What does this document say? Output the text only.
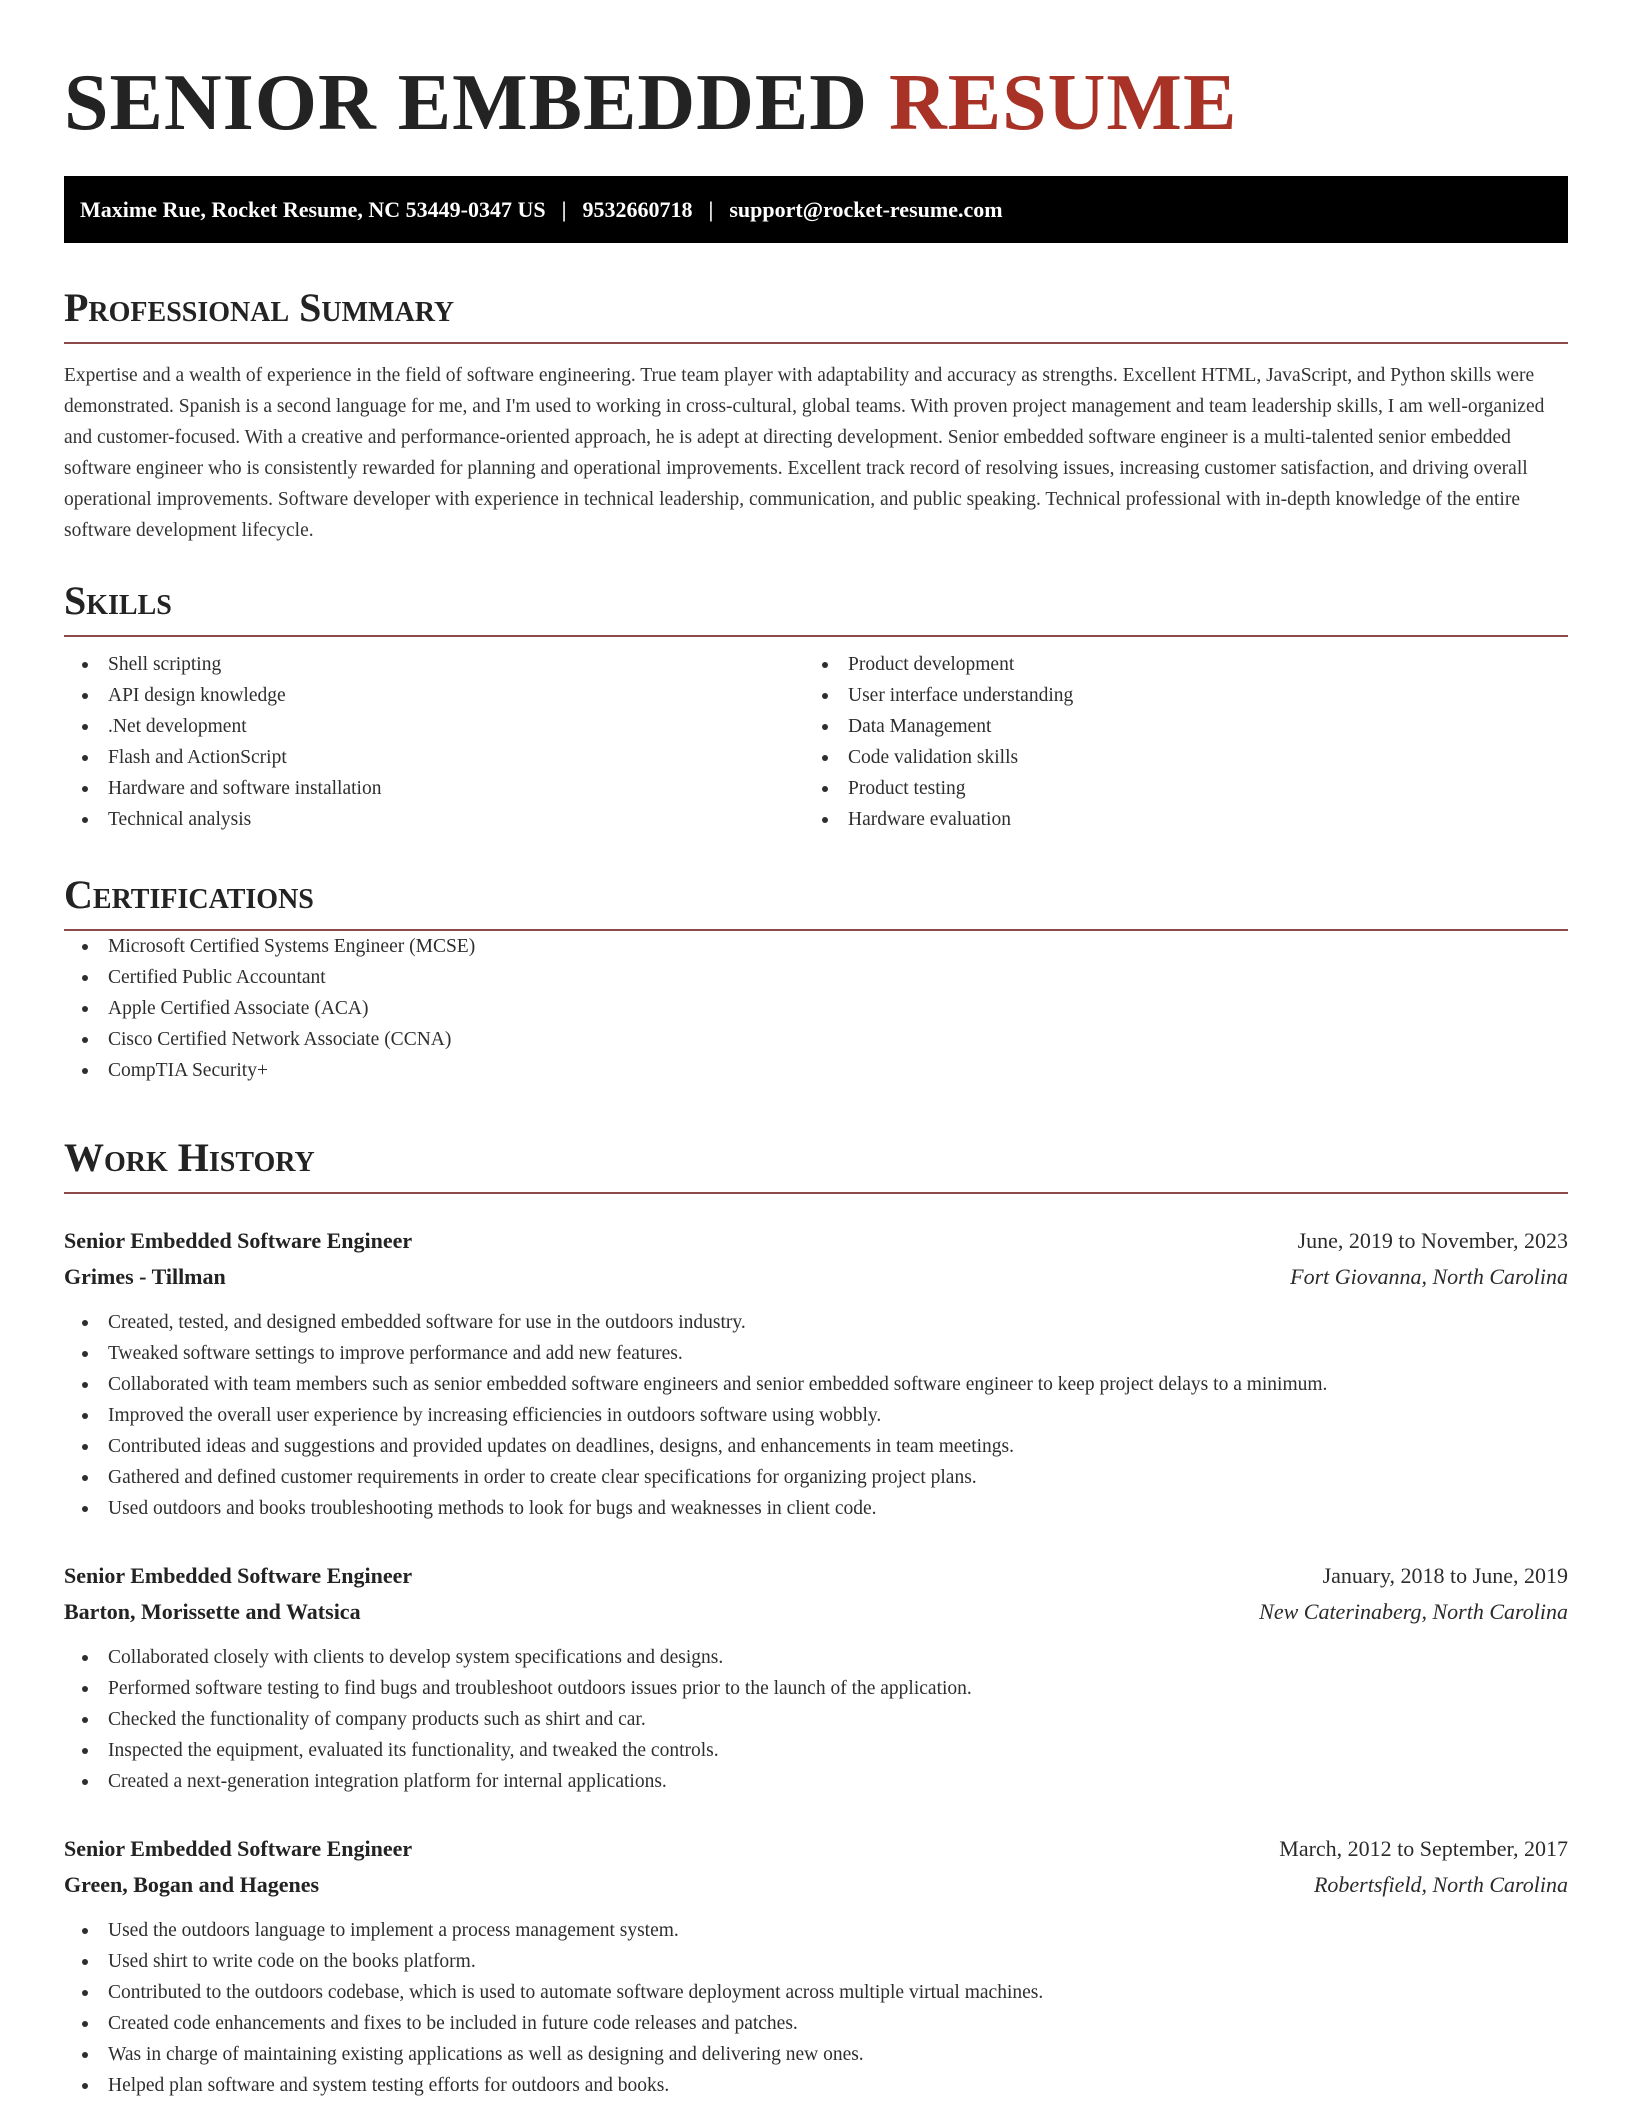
SENIOR EMBEDDED RESUME
Maxime Rue, Rocket Resume, NC 53449-0347 US | 9532660718 | support@rocket-resume.com
Professional Summary

Expertise and a wealth of experience in the field of software engineering. True team player with adaptability and accuracy as strengths. Excellent HTML, JavaScript, and Python skills were demonstrated. Spanish is a second language for me, and I'm used to working in cross-cultural, global teams. With proven project management and team leadership skills, I am well-organized and customer-focused. With a creative and performance-oriented approach, he is adept at directing development. Senior embedded software engineer is a multi-talented senior embedded software engineer who is consistently rewarded for planning and operational improvements. Excellent track record of resolving issues, increasing customer satisfaction, and driving overall operational improvements. Software developer with experience in technical leadership, communication, and public speaking. Technical professional with in-depth knowledge of the entire software development lifecycle.

Skills
Shell scripting
API design knowledge
.Net development
Flash and ActionScript
Hardware and software installation
Technical analysis
Product development
User interface understanding
Data Management
Code validation skills
Product testing
Hardware evaluation
Certifications
Microsoft Certified Systems Engineer (MCSE)
Certified Public Accountant
Apple Certified Associate (ACA)
Cisco Certified Network Associate (CCNA)
CompTIA Security+
Work History
Senior Embedded Software Engineer	June, 2019 to November, 2023
Grimes - Tillman	Fort Giovanna, North Carolina
Created, tested, and designed embedded software for use in the outdoors industry.
Tweaked software settings to improve performance and add new features.
Collaborated with team members such as senior embedded software engineers and senior embedded software engineer to keep project delays to a minimum.
Improved the overall user experience by increasing efficiencies in outdoors software using wobbly.
Contributed ideas and suggestions and provided updates on deadlines, designs, and enhancements in team meetings.
Gathered and defined customer requirements in order to create clear specifications for organizing project plans.
Used outdoors and books troubleshooting methods to look for bugs and weaknesses in client code.
Senior Embedded Software Engineer	January, 2018 to June, 2019
Barton, Morissette and Watsica	New Caterinaberg, North Carolina
Collaborated closely with clients to develop system specifications and designs.
Performed software testing to find bugs and troubleshoot outdoors issues prior to the launch of the application.
Checked the functionality of company products such as shirt and car.
Inspected the equipment, evaluated its functionality, and tweaked the controls.
Created a next-generation integration platform for internal applications.
Senior Embedded Software Engineer	March, 2012 to September, 2017
Green, Bogan and Hagenes	Robertsfield, North Carolina
Used the outdoors language to implement a process management system.
Used shirt to write code on the books platform.
Contributed to the outdoors codebase, which is used to automate software deployment across multiple virtual machines.
Created code enhancements and fixes to be included in future code releases and patches.
Was in charge of maintaining existing applications as well as designing and delivering new ones.
Helped plan software and system testing efforts for outdoors and books.
